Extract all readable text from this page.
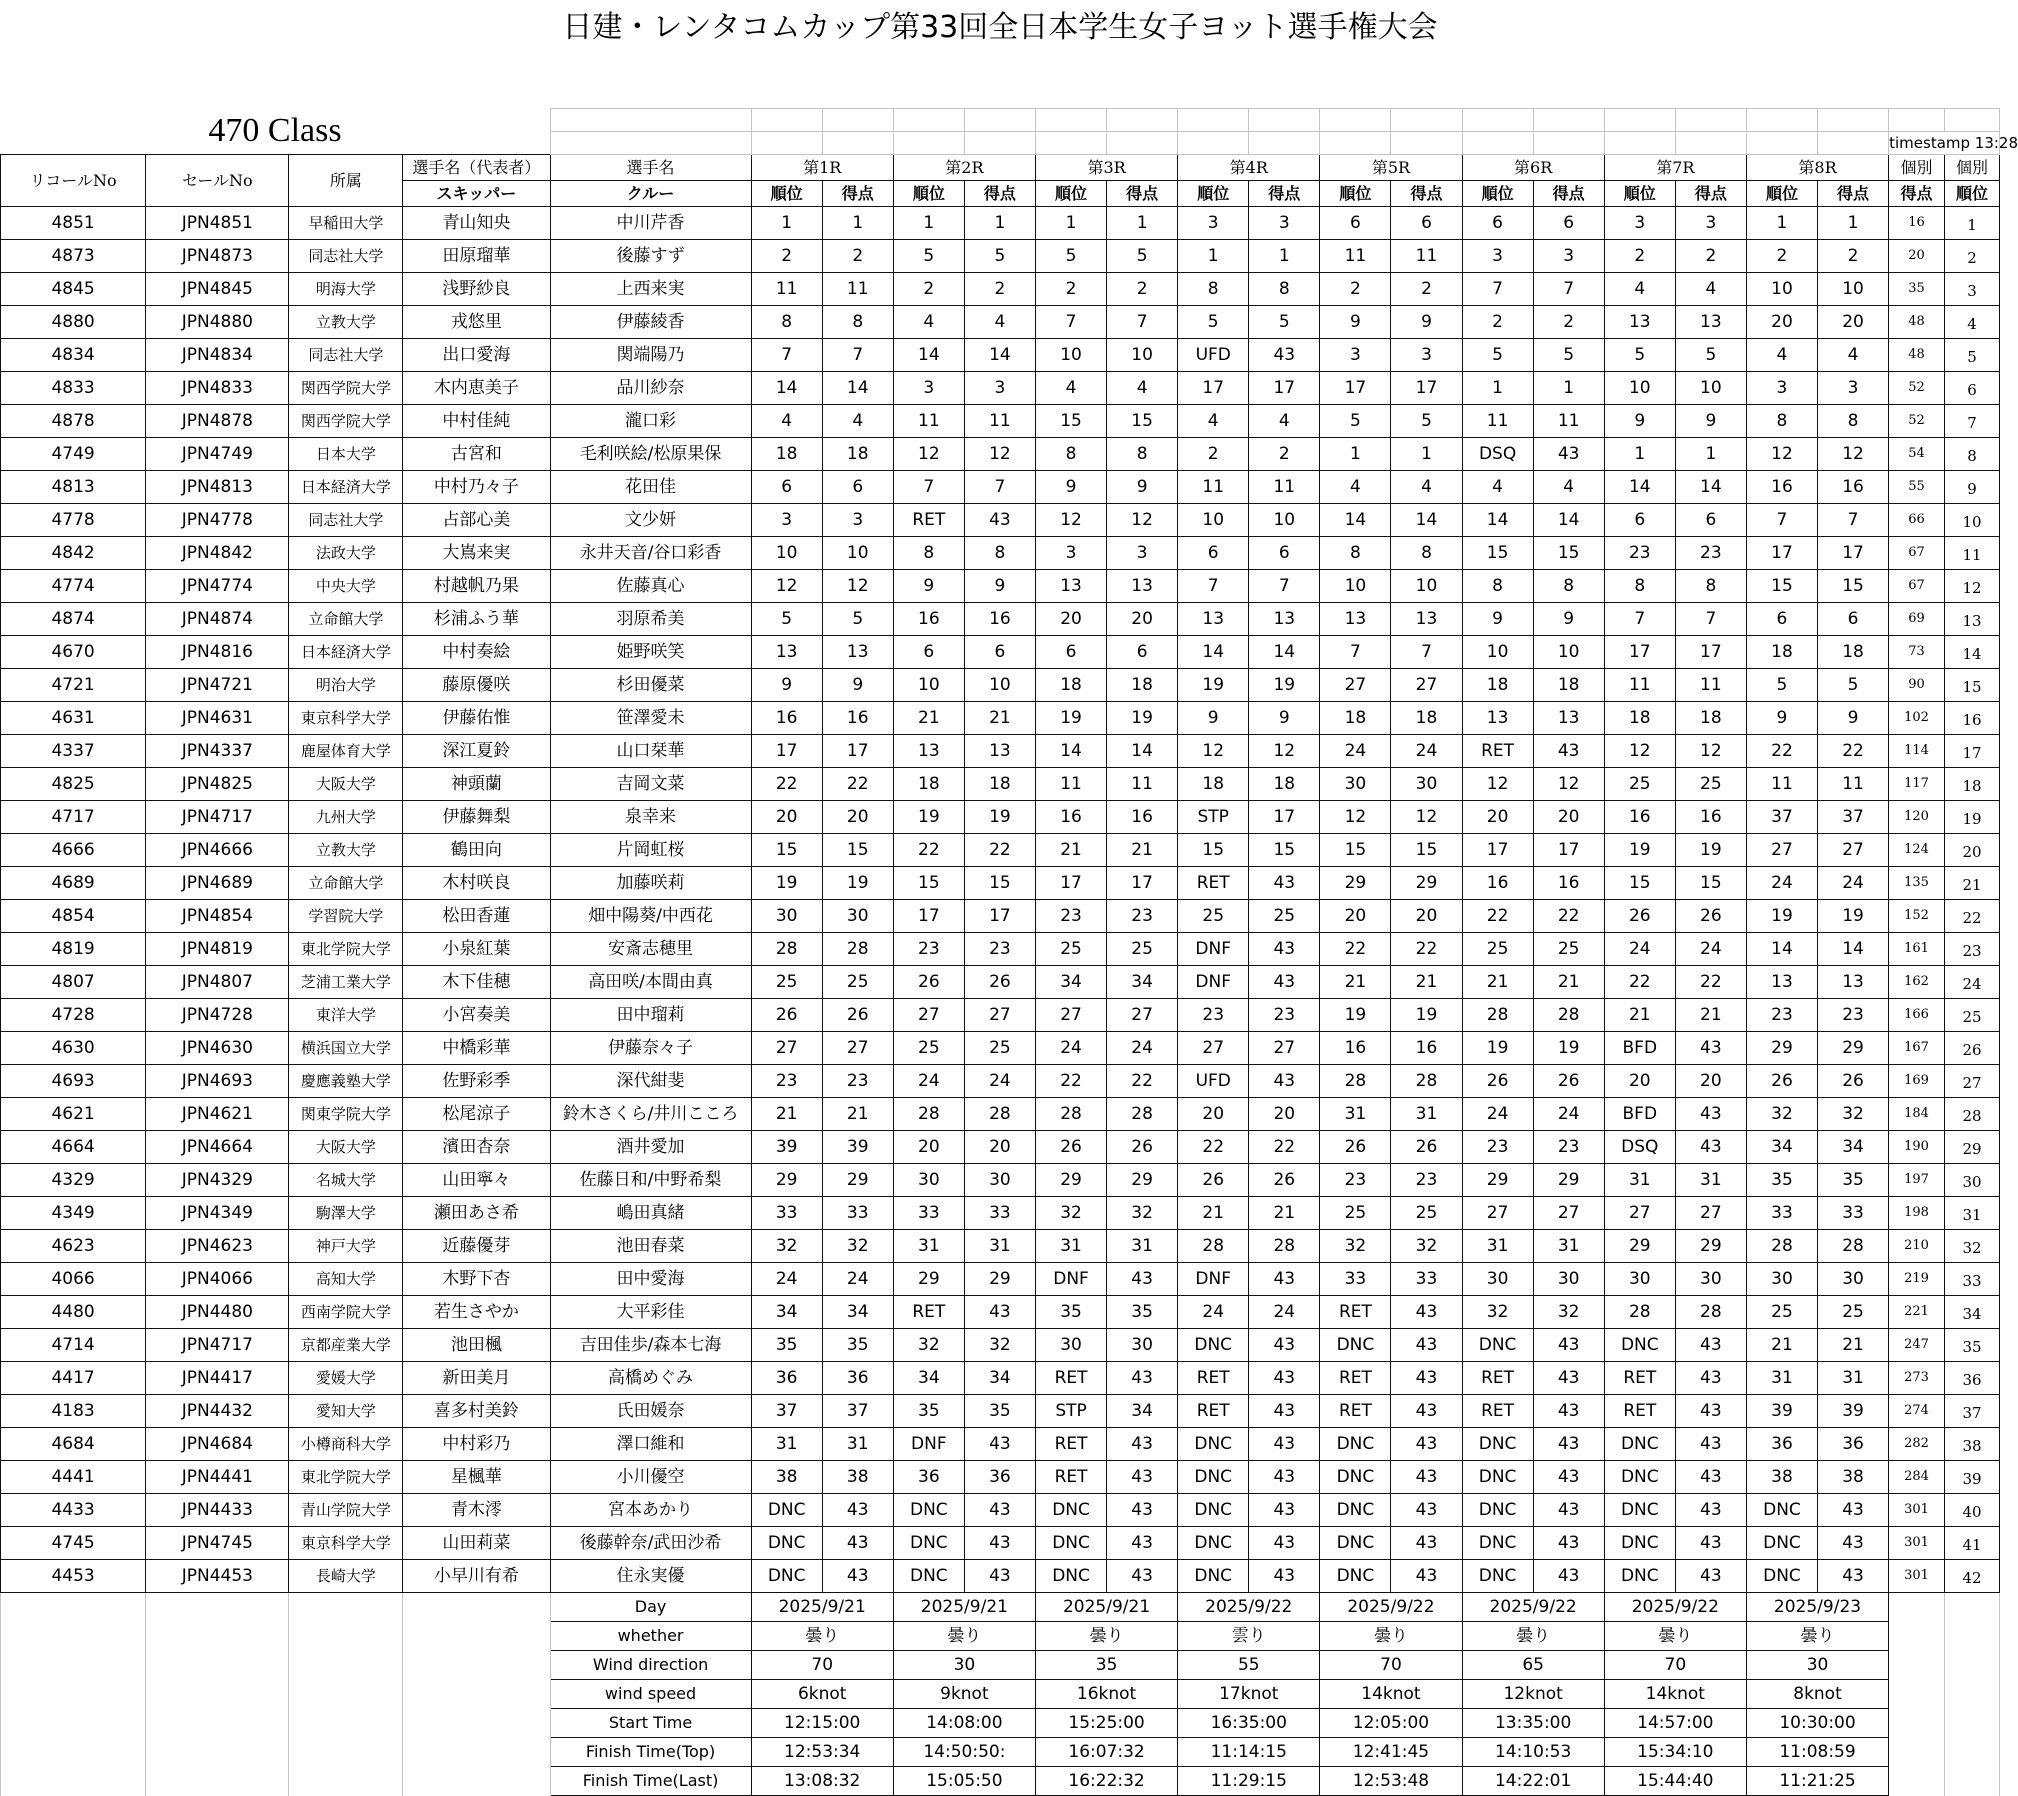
日建・レンタコムカップ第33回全日本学生女子ヨット選手権大会
470 Class																						
																					timestamp 13:28	
リコールNo	セールNo	所属	選手名（代表者）	選手名	第1R		第2R		第3R		第4R		第5R		第6R		第7R		第8R		個別	個別
			スキッパー	クルー	順位	得点	順位	得点	順位	得点	順位	得点	順位	得点	順位	得点	順位	得点	順位	得点	得点	順位
4851	JPN4851	早稲田大学	青山知央	中川芹香	1	1	1	1	1	1	3	3	6	6	6	6	3	3	1	1	16	1
4873	JPN4873	同志社大学	田原瑠華	後藤すず	2	2	5	5	5	5	1	1	11	11	3	3	2	2	2	2	20	2
4845	JPN4845	明海大学	浅野紗良	上西来実	11	11	2	2	2	2	8	8	2	2	7	7	4	4	10	10	35	3
4880	JPN4880	立教大学	戎悠里	伊藤綾香	8	8	4	4	7	7	5	5	9	9	2	2	13	13	20	20	48	4
4834	JPN4834	同志社大学	出口愛海	関端陽乃	7	7	14	14	10	10	UFD	43	3	3	5	5	5	5	4	4	48	5
4833	JPN4833	関西学院大学	木内恵美子	品川紗奈	14	14	3	3	4	4	17	17	17	17	1	1	10	10	3	3	52	6
4878	JPN4878	関西学院大学	中村佳純	瀧口彩	4	4	11	11	15	15	4	4	5	5	11	11	9	9	8	8	52	7
4749	JPN4749	日本大学	古宮和	毛利咲絵/松原果保	18	18	12	12	8	8	2	2	1	1	DSQ	43	1	1	12	12	54	8
4813	JPN4813	日本経済大学	中村乃々子	花田佳	6	6	7	7	9	9	11	11	4	4	4	4	14	14	16	16	55	9
4778	JPN4778	同志社大学	占部心美	文少妍	3	3	RET	43	12	12	10	10	14	14	14	14	6	6	7	7	66	10
4842	JPN4842	法政大学	大嶌来実	永井天音/谷口彩香	10	10	8	8	3	3	6	6	8	8	15	15	23	23	17	17	67	11
4774	JPN4774	中央大学	村越帆乃果	佐藤真心	12	12	9	9	13	13	7	7	10	10	8	8	8	8	15	15	67	12
4874	JPN4874	立命館大学	杉浦ふう華	羽原希美	5	5	16	16	20	20	13	13	13	13	9	9	7	7	6	6	69	13
4670	JPN4816	日本経済大学	中村奏絵	姫野咲笑	13	13	6	6	6	6	14	14	7	7	10	10	17	17	18	18	73	14
4721	JPN4721	明治大学	藤原優咲	杉田優菜	9	9	10	10	18	18	19	19	27	27	18	18	11	11	5	5	90	15
4631	JPN4631	東京科学大学	伊藤佑惟	笹澤愛未	16	16	21	21	19	19	9	9	18	18	13	13	18	18	9	9	102	16
4337	JPN4337	鹿屋体育大学	深江夏鈴	山口栞華	17	17	13	13	14	14	12	12	24	24	RET	43	12	12	22	22	114	17
4825	JPN4825	大阪大学	神頭蘭	吉岡文菜	22	22	18	18	11	11	18	18	30	30	12	12	25	25	11	11	117	18
4717	JPN4717	九州大学	伊藤舞梨	泉幸来	20	20	19	19	16	16	STP	17	12	12	20	20	16	16	37	37	120	19
4666	JPN4666	立教大学	鶴田向	片岡虹桜	15	15	22	22	21	21	15	15	15	15	17	17	19	19	27	27	124	20
4689	JPN4689	立命館大学	木村咲良	加藤咲莉	19	19	15	15	17	17	RET	43	29	29	16	16	15	15	24	24	135	21
4854	JPN4854	学習院大学	松田香蓮	畑中陽葵/中西花	30	30	17	17	23	23	25	25	20	20	22	22	26	26	19	19	152	22
4819	JPN4819	東北学院大学	小泉紅葉	安斎志穂里	28	28	23	23	25	25	DNF	43	22	22	25	25	24	24	14	14	161	23
4807	JPN4807	芝浦工業大学	木下佳穂	高田咲/本間由真	25	25	26	26	34	34	DNF	43	21	21	21	21	22	22	13	13	162	24
4728	JPN4728	東洋大学	小宮奏美	田中瑠莉	26	26	27	27	27	27	23	23	19	19	28	28	21	21	23	23	166	25
4630	JPN4630	横浜国立大学	中橋彩華	伊藤奈々子	27	27	25	25	24	24	27	27	16	16	19	19	BFD	43	29	29	167	26
4693	JPN4693	慶應義塾大学	佐野彩季	深代紺斐	23	23	24	24	22	22	UFD	43	28	28	26	26	20	20	26	26	169	27
4621	JPN4621	関東学院大学	松尾涼子	鈴木さくら/井川こころ	21	21	28	28	28	28	20	20	31	31	24	24	BFD	43	32	32	184	28
4664	JPN4664	大阪大学	濱田杏奈	酒井愛加	39	39	20	20	26	26	22	22	26	26	23	23	DSQ	43	34	34	190	29
4329	JPN4329	名城大学	山田寧々	佐藤日和/中野希梨	29	29	30	30	29	29	26	26	23	23	29	29	31	31	35	35	197	30
4349	JPN4349	駒澤大学	瀬田あさ希	嶋田真緒	33	33	33	33	32	32	21	21	25	25	27	27	27	27	33	33	198	31
4623	JPN4623	神戸大学	近藤優芽	池田春菜	32	32	31	31	31	31	28	28	32	32	31	31	29	29	28	28	210	32
4066	JPN4066	高知大学	木野下杏	田中愛海	24	24	29	29	DNF	43	DNF	43	33	33	30	30	30	30	30	30	219	33
4480	JPN4480	西南学院大学	若生さやか	大平彩佳	34	34	RET	43	35	35	24	24	RET	43	32	32	28	28	25	25	221	34
4714	JPN4717	京都産業大学	池田楓	吉田佳歩/森本七海	35	35	32	32	30	30	DNC	43	DNC	43	DNC	43	DNC	43	21	21	247	35
4417	JPN4417	愛媛大学	新田美月	高橋めぐみ	36	36	34	34	RET	43	RET	43	RET	43	RET	43	RET	43	31	31	273	36
4183	JPN4432	愛知大学	喜多村美鈴	氏田媛奈	37	37	35	35	STP	34	RET	43	RET	43	RET	43	RET	43	39	39	274	37
4684	JPN4684	小樽商科大学	中村彩乃	澤口維和	31	31	DNF	43	RET	43	DNC	43	DNC	43	DNC	43	DNC	43	36	36	282	38
4441	JPN4441	東北学院大学	星楓華	小川優空	38	38	36	36	RET	43	DNC	43	DNC	43	DNC	43	DNC	43	38	38	284	39
4433	JPN4433	青山学院大学	青木澪	宮本あかり	DNC	43	DNC	43	DNC	43	DNC	43	DNC	43	DNC	43	DNC	43	DNC	43	301	40
4745	JPN4745	東京科学大学	山田莉菜	後藤幹奈/武田沙希	DNC	43	DNC	43	DNC	43	DNC	43	DNC	43	DNC	43	DNC	43	DNC	43	301	41
4453	JPN4453	長崎大学	小早川有希	住永実優	DNC	43	DNC	43	DNC	43	DNC	43	DNC	43	DNC	43	DNC	43	DNC	43	301	42
				Day	2025/9/21		2025/9/21		2025/9/21		2025/9/22		2025/9/22		2025/9/22		2025/9/22		2025/9/23			
				whether	曇り		曇り		曇り		雲り		曇り		曇り		曇り		曇り			
				Wind direction	70		30		35		55		70		65		70		30			
				wind speed	6knot		9knot		16knot		17knot		14knot		12knot		14knot		8knot			
				Start Time	12:15:00		14:08:00		15:25:00		16:35:00		12:05:00		13:35:00		14:57:00		10:30:00			
				Finish Time(Top)	12:53:34		14:50:50:		16:07:32		11:14:15		12:41:45		14:10:53		15:34:10		11:08:59			
				Finish Time(Last)	13:08:32		15:05:50		16:22:32		11:29:15		12:53:48		14:22:01		15:44:40		11:21:25			
